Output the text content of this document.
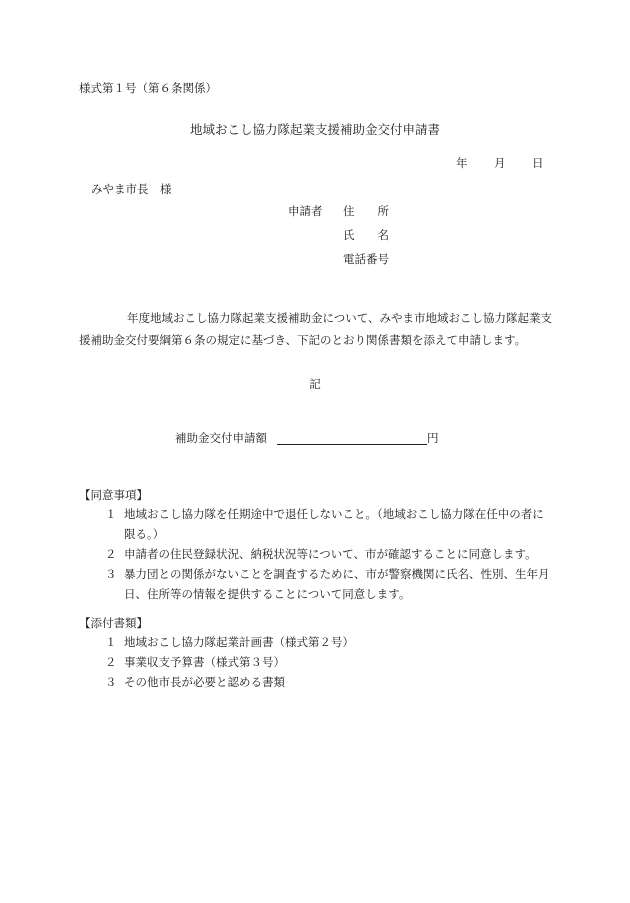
様式第１号（第６条関係）
地域おこし協力隊起業支援補助金交付申請書
年 月 日
みやま市長　様
申請者 住　　所
氏　　名
電話番号
年度地域おこし協力隊起業支援補助金について、みやま市地域おこし協力隊起業支援補助金交付要綱第６条の規定に基づき、下記のとおり関係書類を添えて申請します。
記
補助金交付申請額	円
【同意事項】
１ 地域おこし協力隊を任期途中で退任しないこと。（地域おこし協力隊在任中の者に限る。）
２ 申請者の住民登録状況、納税状況等について、市が確認することに同意します。
３ 暴力団との関係がないことを調査するために、市が警察機関に氏名、性別、生年月日、住所等の情報を提供することについて同意します。
【添付書類】
１ 地域おこし協力隊起業計画書（様式第２号）
２ 事業収支予算書（様式第３号）
３ その他市長が必要と認める書類
